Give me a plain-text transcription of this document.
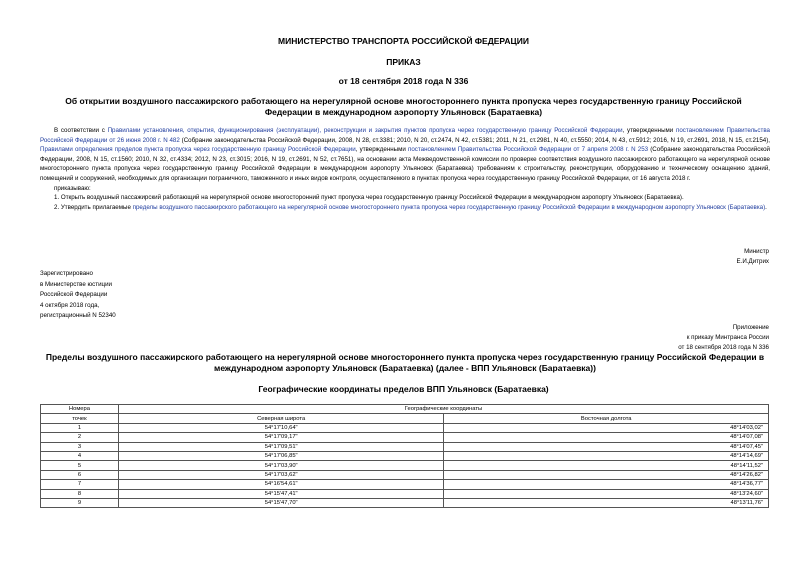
МИНИСТЕРСТВО ТРАНСПОРТА РОССИЙСКОЙ ФЕДЕРАЦИИ
ПРИКАЗ
от 18 сентября 2018 года N 336
Об открытии воздушного пассажирского работающего на нерегулярной основе многостороннего пункта пропуска через государственную границу Российской Федерации в международном аэропорту Ульяновск (Баратаевка)

В соответствии с Правилами установления, открытия, функционирования (эксплуатации), реконструкции и закрытия пунктов пропуска через государственную границу Российской Федерации, утвержденными постановлением Правительства Российской Федерации от 26 июня 2008 г. N 482 (Собрание законодательства Российской Федерации, 2008, N 28, ст.3381; 2010, N 20, ст.2474, N 42, ст.5381; 2011, N 21, ст.2981, N 40, ст.5550; 2014, N 43, ст.5912; 2016, N 19, ст.2691, 2018, N 15, ст.2154), Правилами определения пределов пункта пропуска через государственную границу Российской Федерации, утвержденными постановлением Правительства Российской Федерации от 7 апреля 2008 г. N 253 (Собрание законодательства Российской Федерации, 2008, N 15, ст.1560; 2010, N 32, ст.4334; 2012, N 23, ст.3015; 2016, N 19, ст.2691, N 52, ст.7651), на основании акта Межведомственной комиссии по проверке соответствия воздушного пассажирского работающего на нерегулярной основе многостороннего пункта пропуска через государственную границу Российской Федерации в международном аэропорту Ульяновск (Баратаевка) требованиям к строительству, реконструкции, оборудованию и техническому оснащению зданий, помещений и сооружений, необходимых для организации пограничного, таможенного и иных видов контроля, осуществляемого в пунктах пропуска через государственную границу Российской Федерации, от 16 августа 2018 г.

приказываю:

1. Открыть воздушный пассажирский работающий на нерегулярной основе многосторонний пункт пропуска через государственную границу Российской Федерации в международном аэропорту Ульяновск (Баратаевка).

2. Утвердить прилагаемые пределы воздушного пассажирского работающего на нерегулярной основе многостороннего пункта пропуска через государственную границу Российской Федерации в международном аэропорту Ульяновск (Баратаевка).

Министр
Е.И.Дитрих
Зарегистрировано
в Министерстве юстиции
Российской Федерации
4 октября 2018 года,
регистрационный N 52340
Приложение
к приказу Минтранса России
от 18 сентября 2018 года N 336
Пределы воздушного пассажирского работающего на нерегулярной основе многостороннего пункта пропуска через государственную границу Российской Федерации в международном аэропорту Ульяновск (Баратаевка) (далее - ВПП Ульяновск (Баратаевка))
Географические координаты пределов ВПП Ульяновск (Баратаевка)
Номера	Географические координаты	
точек	Северная широта	Восточная долгота
1	54°17'10,64"	48°14'03,02"
2	54°17'09,17"	48°14'07,08"
3	54°17'09,51"	48°14'07,45"
4	54°17'06,85"	48°14'14,69"
5	54°17'03,90"	48°14'11,52"
6	54°17'03,62"	48°14'26,82"
7	54°16'54,61"	48°14'36,77"
8	54°15'47,41"	48°13'24,60"
9	54°15'47,70"	48°13'11,76"
